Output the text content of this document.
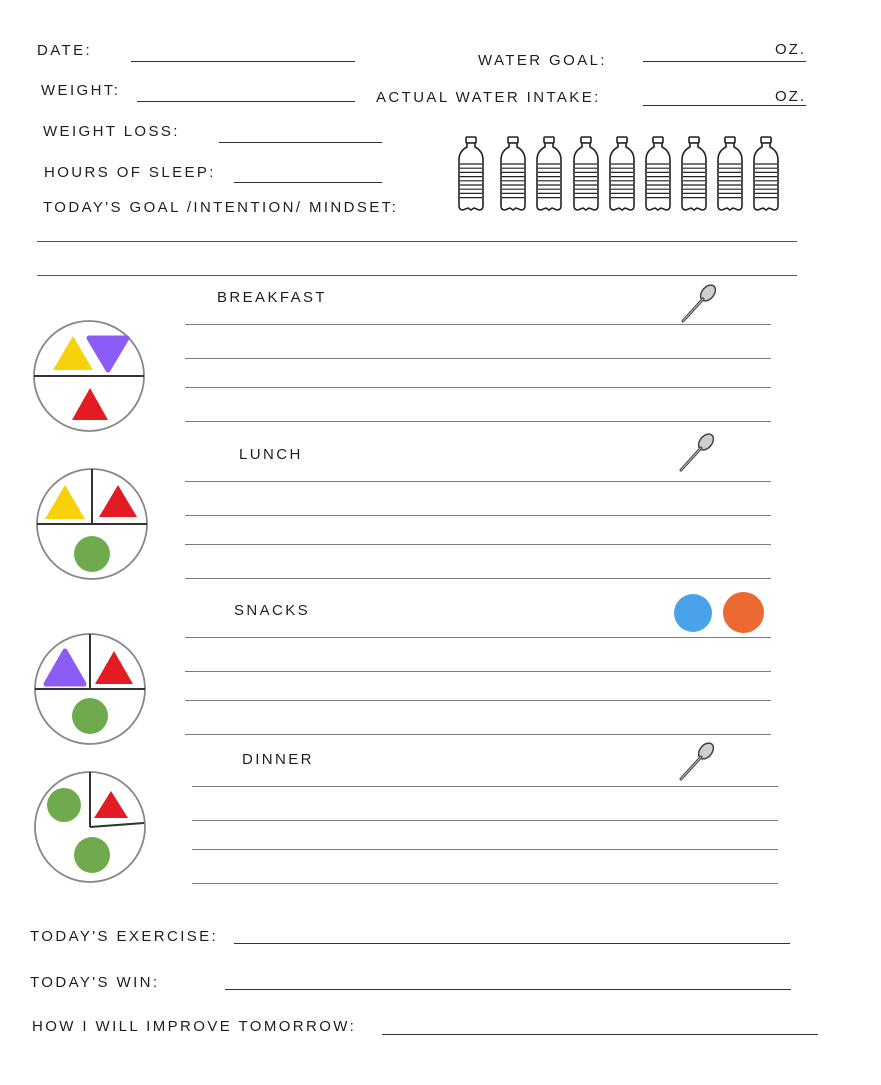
DATE:
WEIGHT:
WEIGHT LOSS:
HOURS OF SLEEP:
TODAY'S GOAL /INTENTION/ MINDSET:
WATER GOAL:
OZ.
ACTUAL WATER INTAKE:	OZ.
BREAKFAST
LUNCH
SNACKS
DINNER
TODAY'S EXERCISE:
TODAY'S WIN:
HOW I WILL IMPROVE TOMORROW:
